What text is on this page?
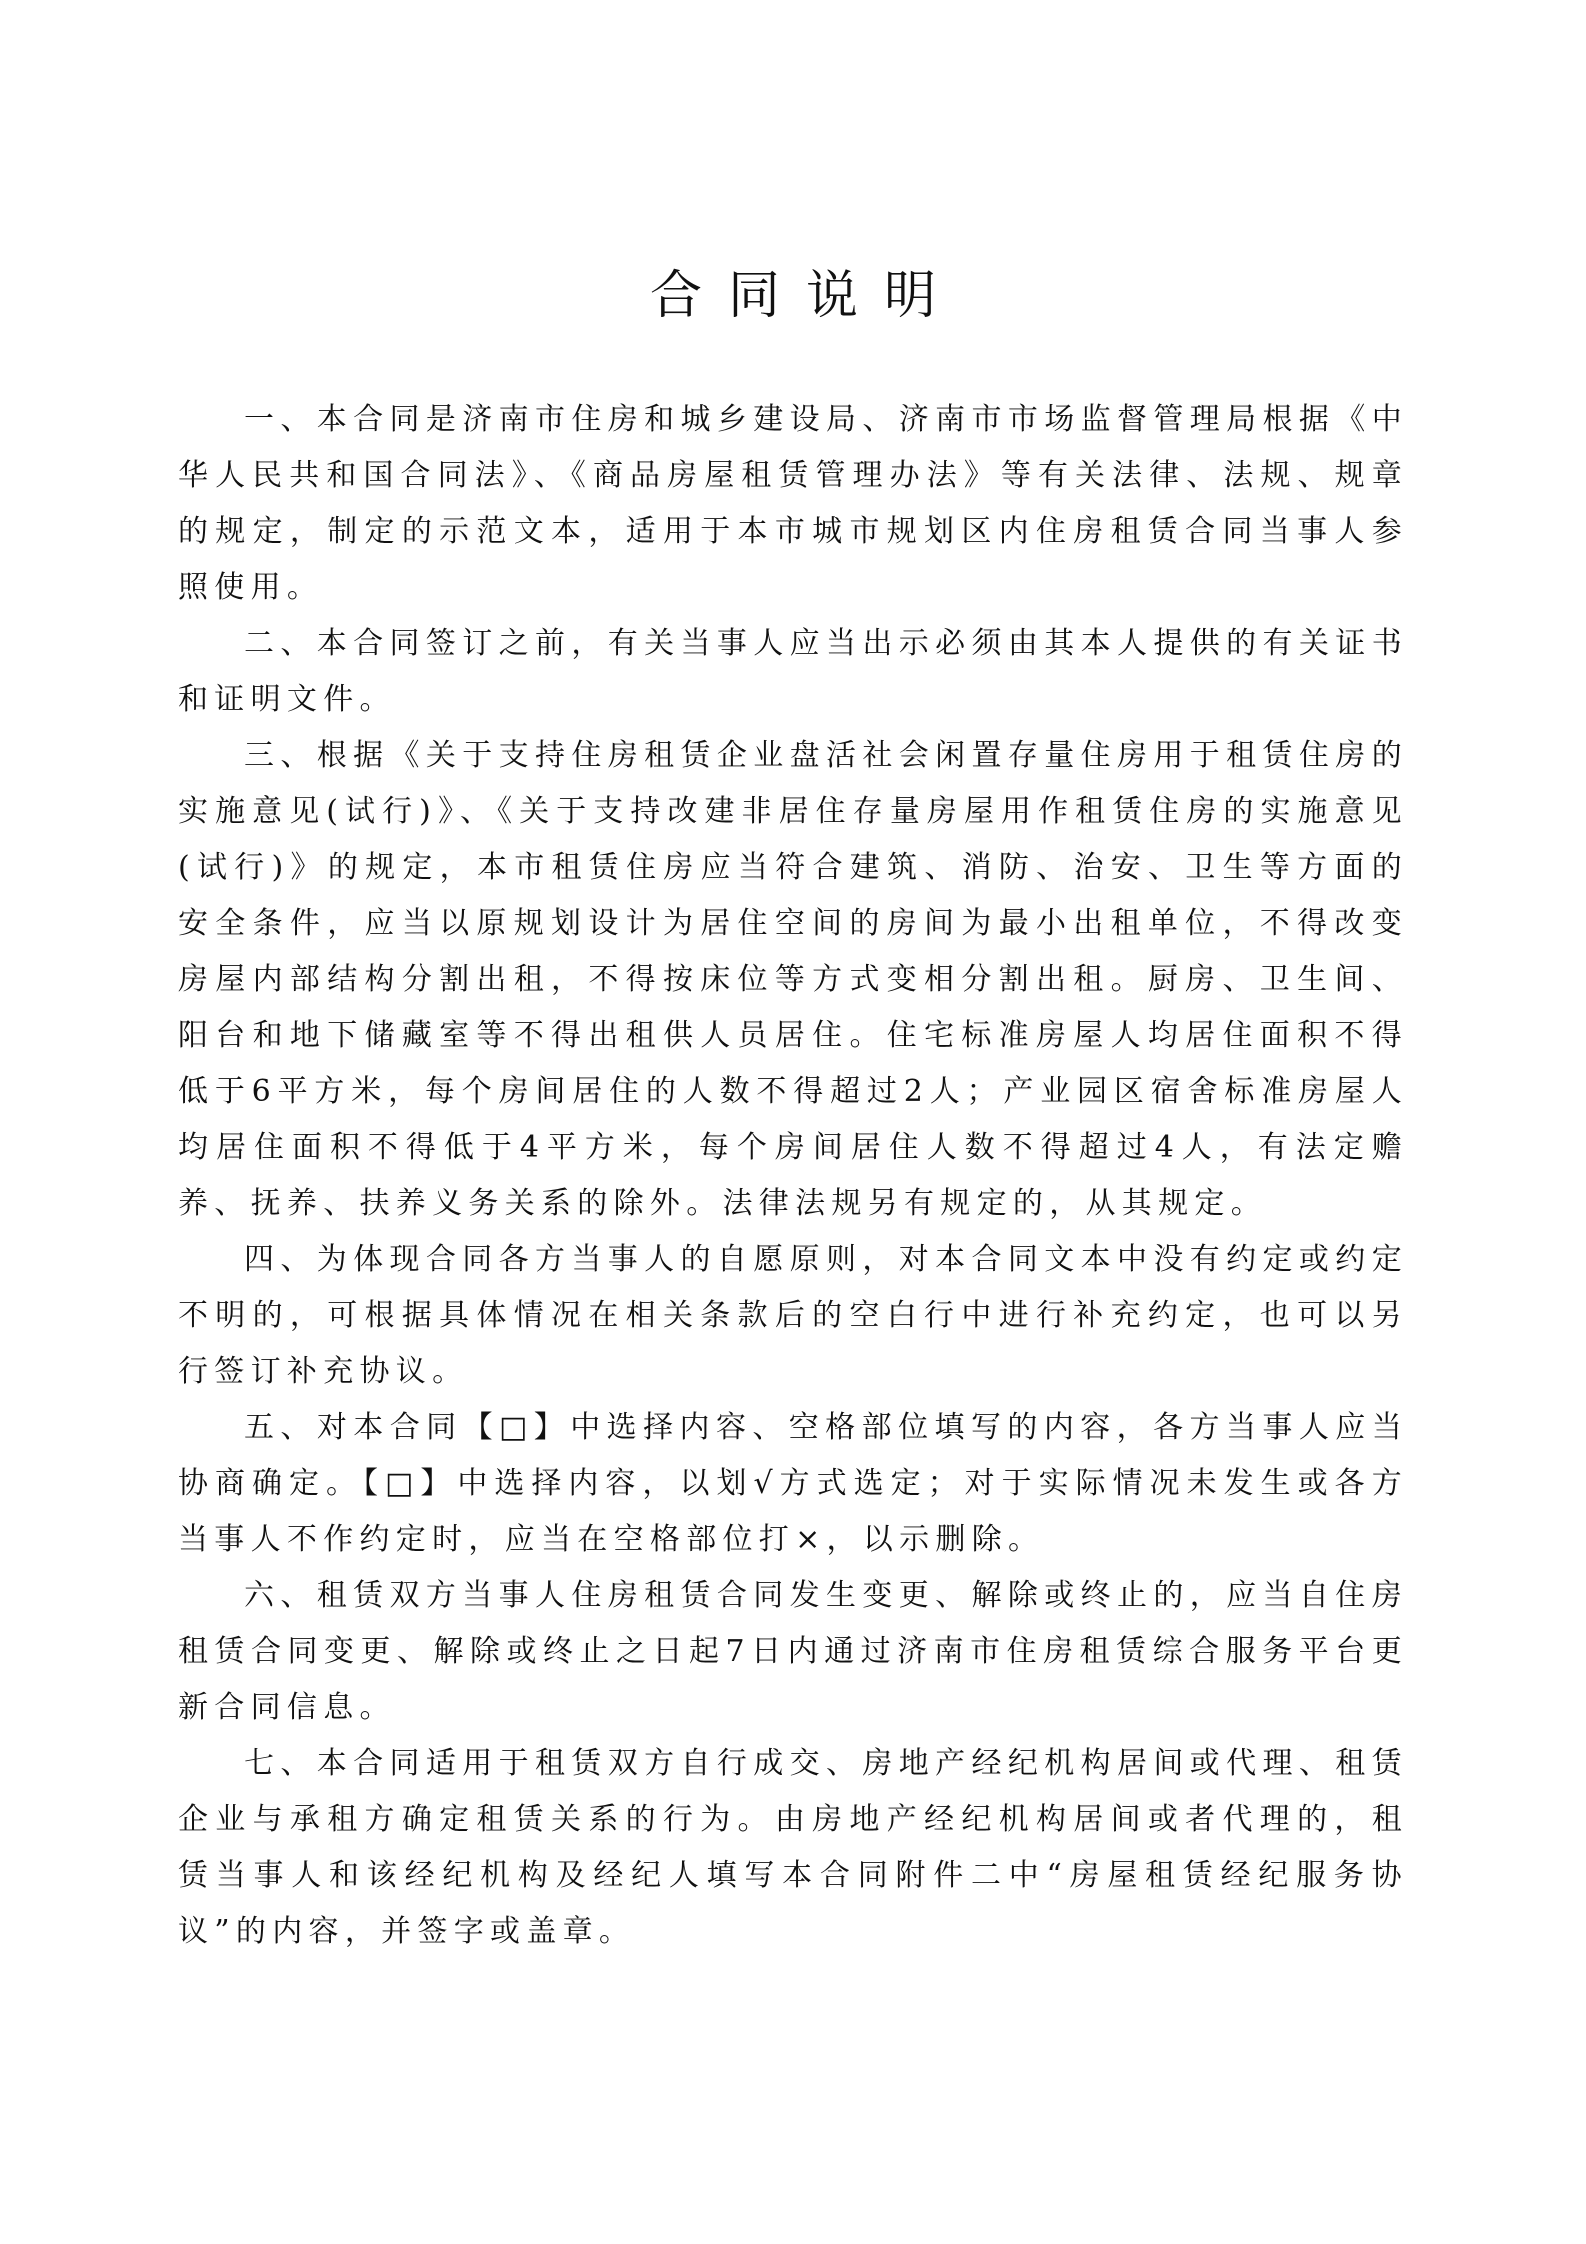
合同说明

一、本合同是济南市住房和城乡建设局、济南市市场监督管理局根据《中华人民共和国合同法》、《商品房屋租赁管理办法》等有关法律、法规、规章的规定，制定的示范文本，适用于本市城市规划区内住房租赁合同当事人参照使用。

二、本合同签订之前，有关当事人应当出示必须由其本人提供的有关证书和证明文件。

三、根据《关于支持住房租赁企业盘活社会闲置存量住房用于租赁住房的实施意见(试行)》、《关于支持改建非居住存量房屋用作租赁住房的实施意见(试行)》的规定，本市租赁住房应当符合建筑、消防、治安、卫生等方面的安全条件，应当以原规划设计为居住空间的房间为最小出租单位，不得改变房屋内部结构分割出租，不得按床位等方式变相分割出租。厨房、卫生间、阳台和地下储藏室等不得出租供人员居住。住宅标准房屋人均居住面积不得低于6平方米，每个房间居住的人数不得超过2人；产业园区宿舍标准房屋人均居住面积不得低于4平方米，每个房间居住人数不得超过4人，有法定赡养、抚养、扶养义务关系的除外。法律法规另有规定的，从其规定。

四、为体现合同各方当事人的自愿原则，对本合同文本中没有约定或约定不明的，可根据具体情况在相关条款后的空白行中进行补充约定，也可以另行签订补充协议。

五、对本合同【□】中选择内容、空格部位填写的内容，各方当事人应当协商确定。【□】中选择内容，以划√方式选定；对于实际情况未发生或各方当事人不作约定时，应当在空格部位打×，以示删除。

六、租赁双方当事人住房租赁合同发生变更、解除或终止的，应当自住房租赁合同变更、解除或终止之日起7日内通过济南市住房租赁综合服务平台更新合同信息。

七、本合同适用于租赁双方自行成交、房地产经纪机构居间或代理、租赁企业与承租方确定租赁关系的行为。由房地产经纪机构居间或者代理的，租赁当事人和该经纪机构及经纪人填写本合同附件二中“房屋租赁经纪服务协议”的内容，并签字或盖章。
